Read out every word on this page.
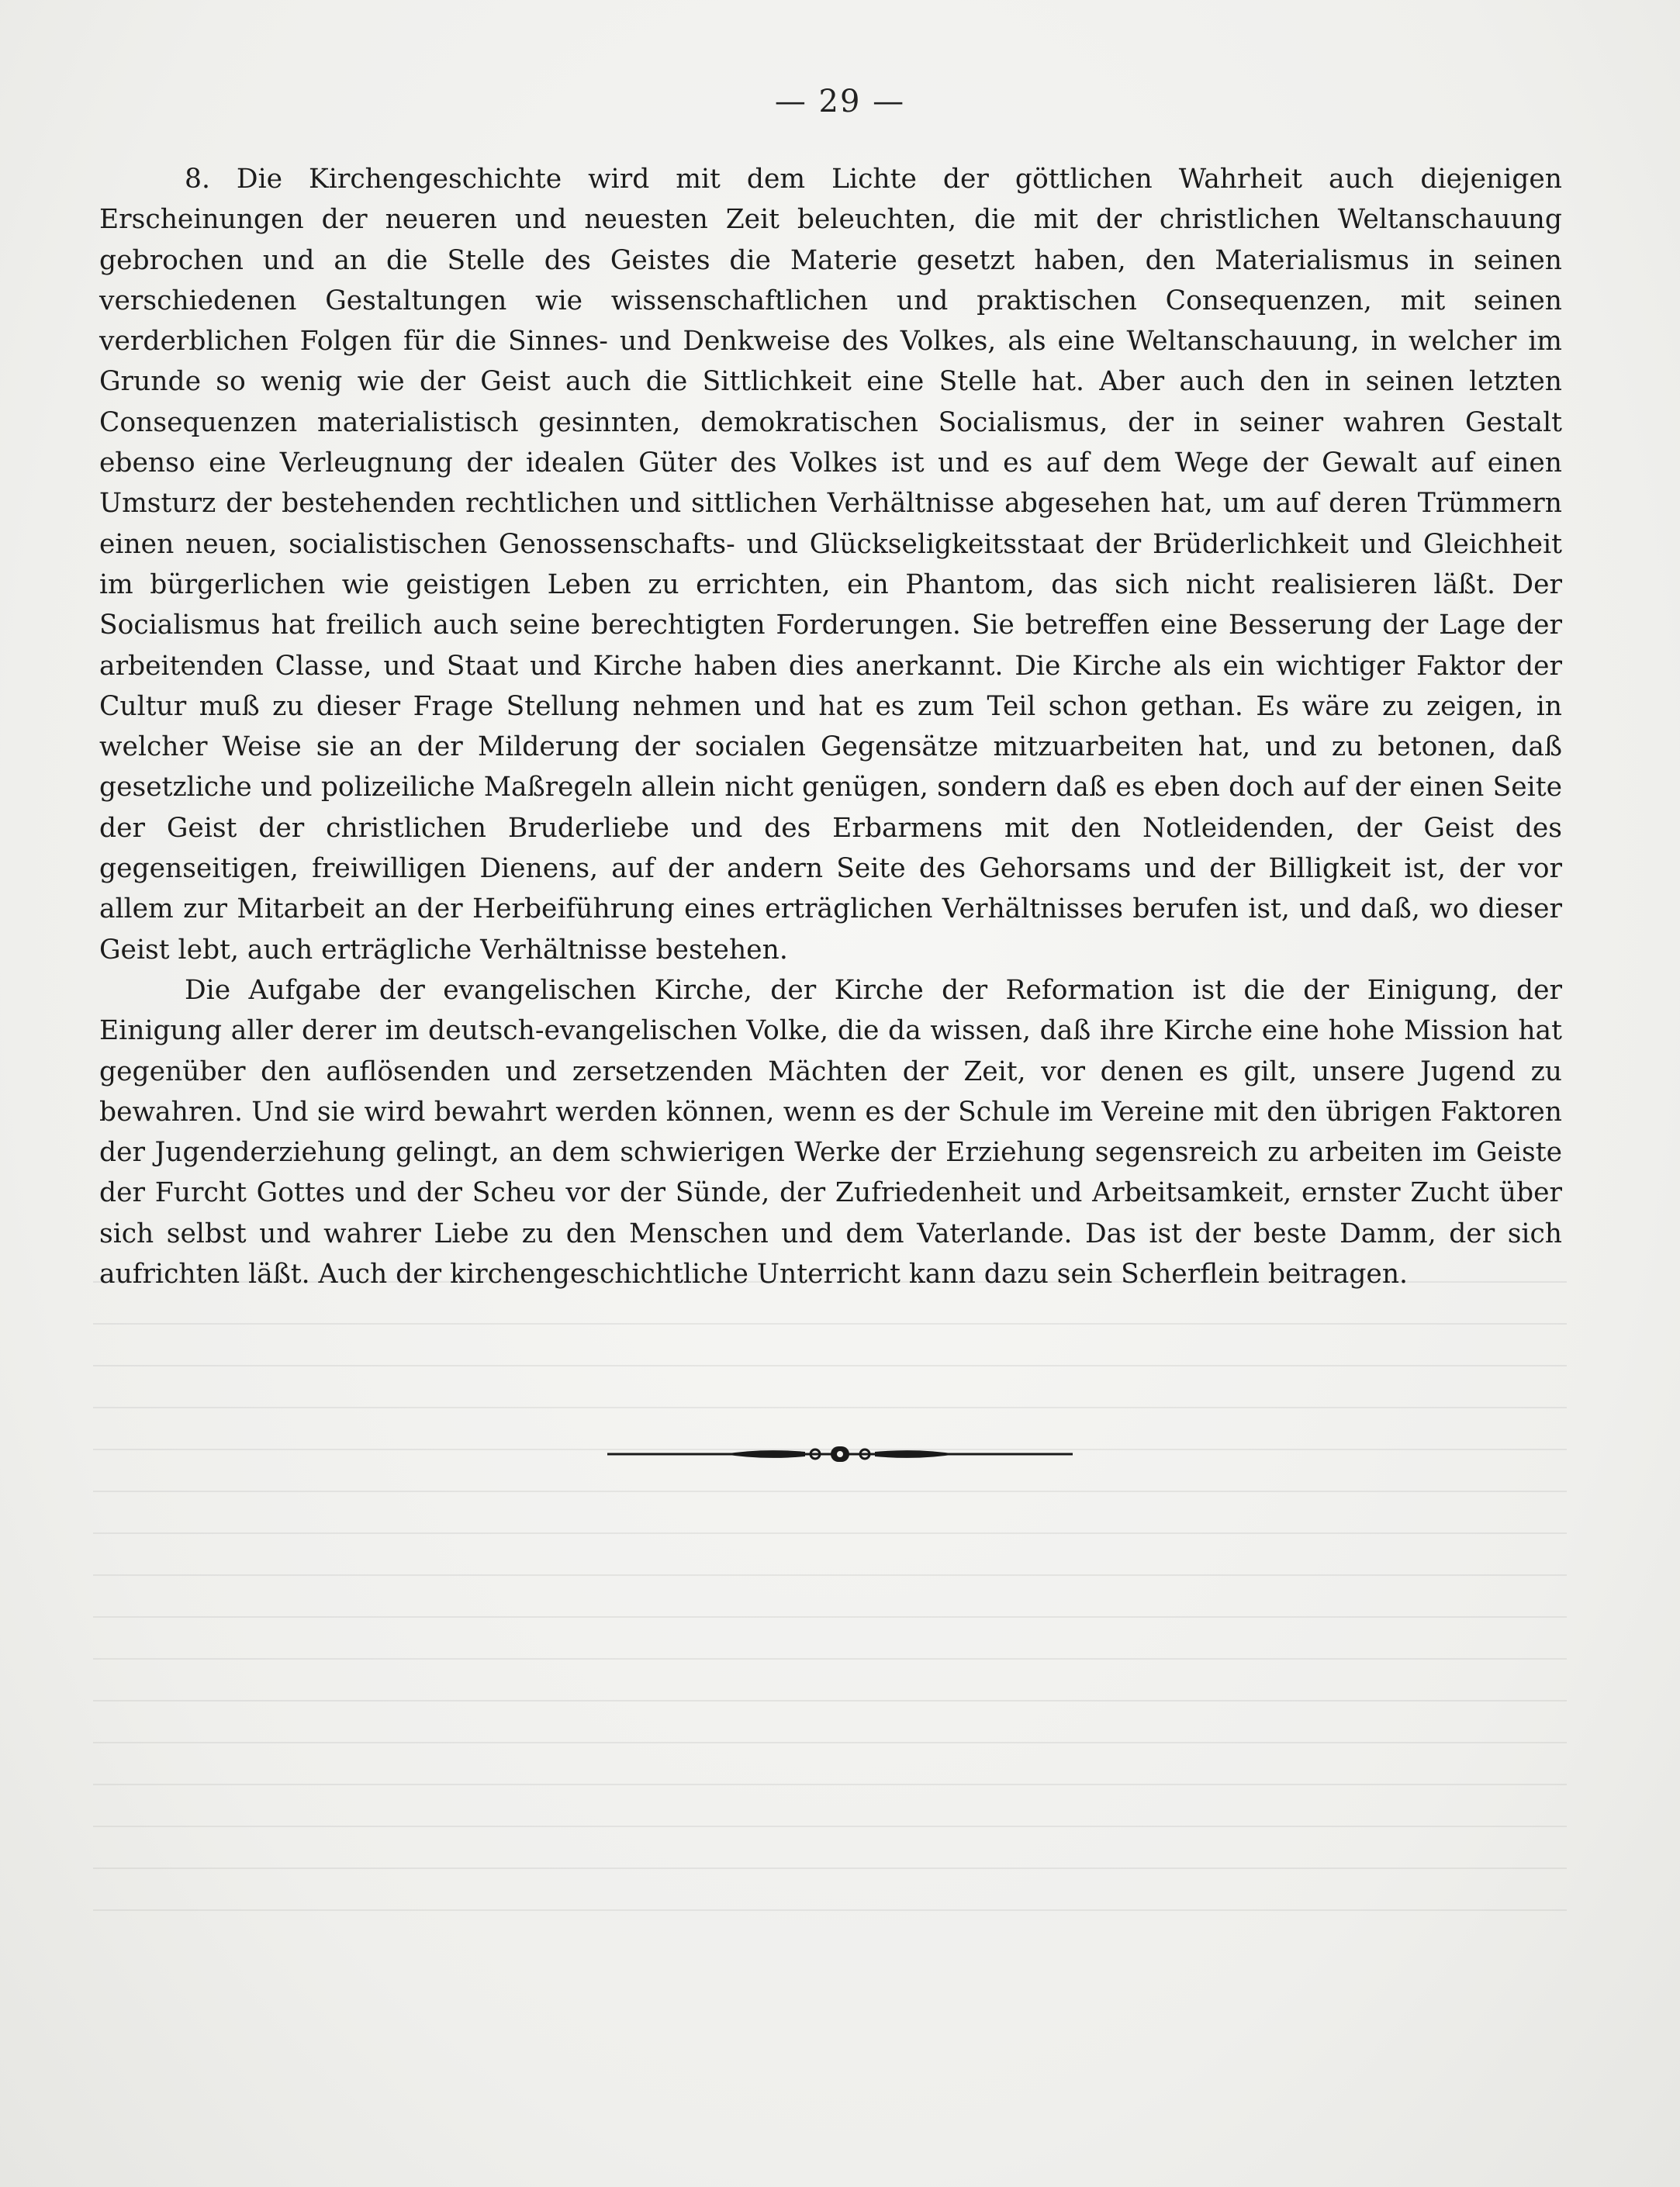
— 29 —

8. Die Kirchengeschichte wird mit dem Lichte der göttlichen Wahrheit auch diejenigen Erscheinungen der neueren und neuesten Zeit beleuchten, die mit der christlichen Weltanschauung gebrochen und an die Stelle des Geistes die Materie gesetzt haben, den Materialismus in seinen verschiedenen Gestaltungen wie wissenschaftlichen und praktischen Consequenzen, mit seinen verderblichen Folgen für die Sinnes- und Denkweise des Volkes, als eine Weltanschauung, in welcher im Grunde so wenig wie der Geist auch die Sittlichkeit eine Stelle hat. Aber auch den in seinen letzten Consequenzen materialistisch gesinnten, demokratischen Socialismus, der in seiner wahren Gestalt ebenso eine Verleugnung der idealen Güter des Volkes ist und es auf dem Wege der Gewalt auf einen Umsturz der bestehenden rechtlichen und sittlichen Verhältnisse abgesehen hat, um auf deren Trümmern einen neuen, socialistischen Genossenschafts- und Glückseligkeitsstaat der Brüderlichkeit und Gleichheit im bürgerlichen wie geistigen Leben zu errichten, ein Phantom, das sich nicht realisieren läßt. Der Socialismus hat freilich auch seine berechtigten Forderungen. Sie betreffen eine Besserung der Lage der arbeitenden Classe, und Staat und Kirche haben dies anerkannt. Die Kirche als ein wichtiger Faktor der Cultur muß zu dieser Frage Stellung nehmen und hat es zum Teil schon gethan. Es wäre zu zeigen, in welcher Weise sie an der Milderung der socialen Gegensätze mitzuarbeiten hat, und zu betonen, daß gesetzliche und polizeiliche Maßregeln allein nicht genügen, sondern daß es eben doch auf der einen Seite der Geist der christlichen Bruderliebe und des Erbarmens mit den Notleidenden, der Geist des gegenseitigen, freiwilligen Dienens, auf der andern Seite des Gehorsams und der Billigkeit ist, der vor allem zur Mitarbeit an der Herbeiführung eines erträglichen Verhältnisses berufen ist, und daß, wo dieser Geist lebt, auch erträgliche Verhältnisse bestehen.

Die Aufgabe der evangelischen Kirche, der Kirche der Reformation ist die der Einigung, der Einigung aller derer im deutsch-evangelischen Volke, die da wissen, daß ihre Kirche eine hohe Mission hat gegenüber den auflösenden und zersetzenden Mächten der Zeit, vor denen es gilt, unsere Jugend zu bewahren. Und sie wird bewahrt werden können, wenn es der Schule im Vereine mit den übrigen Faktoren der Jugenderziehung gelingt, an dem schwierigen Werke der Erziehung segensreich zu arbeiten im Geiste der Furcht Gottes und der Scheu vor der Sünde, der Zufriedenheit und Arbeitsamkeit, ernster Zucht über sich selbst und wahrer Liebe zu den Menschen und dem Vaterlande. Das ist der beste Damm, der sich aufrichten läßt. Auch der kirchengeschichtliche Unterricht kann dazu sein Scherflein beitragen.
